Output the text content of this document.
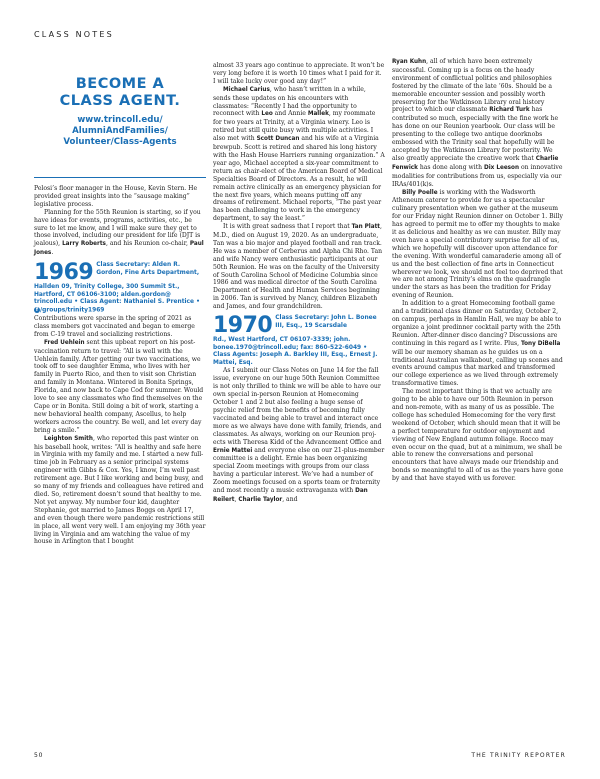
CLASS NOTES
BECOME A
CLASS AGENT.
www.trincoll.edu/
AlumniAndFamilies/
Volunteer/Class-Agents

Pelosi’s floor manager in the House, Kevin Stern. He provided great insights into the “sausage making” legislative process.

Planning for the 55th Reunion is starting, so if you have ideas for events, programs, activities, etc., be sure to let me know, and I will make sure they get to those involved, including our president for life (DJT is jealous), Larry Roberts, and his Reunion co-chair, Paul Jones.

1969 Class Secretary: Alden R. Gordon, Fine Arts Department,

Hallden 09, Trinity College, 300 Summit St., Hartford, CT 06106-3100; alden.gordon@ trincoll.edu • Class Agent: Nathaniel S. Prentice • f /groups/trinity1969

Contributions were sparse in the spring of 2021 as class members got vaccinated and began to emerge from C-19 travel and socializing restrictions.

Fred Uehlein sent this upbeat report on his post-vaccination return to travel: “All is well with the Uehlein family. After getting our two vaccinations, we took off to see daughter Emma, who lives with her family in Puerto Rico, and then to visit son Christian and family in Montana. Wintered in Bonita Springs, Florida, and now back to Cape Cod for summer. Would love to see any classmates who find themselves on the Cape or in Bonita. Still doing a bit of work, starting a new behavioral health company, Ascellus, to help workers across the country. Be well, and let every day bring a smile.”

Leighton Smith, who reported this past winter on his baseball hook, writes: “All is healthy and safe here in Virginia with my family and me. I started a new full-time job in February as a senior principal systems engineer with Gibbs & Cox. Yes, I know, I’m well past retirement age. But I like working and being busy, and so many of my friends and colleagues have retired and died. So, retirement doesn’t sound that healthy to me. Not yet anyway. My number four kid, daughter Stephanie, got married to James Boggs on April 17, and even though there were pandemic restrictions still in place, all went very well. I am enjoying my 36th year living in Virginia and am watching the value of my house in Arlington that I bought

almost 33 years ago continue to appreciate. It won’t be very long before it is worth 10 times what I paid for it. I will take lucky over good any day!”

Michael Carius, who hasn’t written in a while, sends these updates on his encounters with classmates: “Recently I had the opportunity to reconnect with Leo and Annie Mallek, my roommate for two years at Trinity, at a Virginia winery. Leo is retired but still quite busy with multiple activities. I also met with Scott Duncan and his wife at a Virginia brewpub. Scott is retired and shared his long history with the Hash House Harriers running organization.” A year ago, Michael accepted a six-year commitment to return as chair-elect of the American Board of Medical Specialties Board of Directors. As a result, he will remain active clinically as an emergency physician for the next five years, which means putting off any dreams of retirement. Michael reports, “The past year has been challenging to work in the emergency department, to say the least.”

It is with great sadness that I report that Tan Platt, M.D., died on August 19, 2020. As an undergraduate, Tan was a bio major and played football and ran track. He was a member of Cerberus and Alpha Chi Rho. Tan and wife Nancy were enthusiastic participants at our 50th Reunion. He was on the faculty of the University of South Carolina School of Medicine Columbia since 1986 and was medical director of the South Carolina Department of Health and Human Services beginning in 2006. Tan is survived by Nancy, children Elizabeth and James, and four grandchildren.

1970 Class Secretary: John L. Bonee III, Esq., 19 Scarsdale

Rd., West Hartford, CT 06107-3339; john. bonee.1970@trincoll.edu; fax: 860-522-6049 • Class Agents: Joseph A. Barkley III, Esq., Ernest J. Mattei, Esq.

As I submit our Class Notes on June 14 for the fall issue, everyone on our huge 50th Reunion Committee is not only thrilled to think we will be able to have our own special in-person Reunion at Homecoming October 1 and 2 but also feeling a huge sense of psychic relief from the benefits of becoming fully vaccinated and being able to travel and interact once more as we always have done with family, friends, and classmates. As always, working on our Reunion projects with Theresa Kidd of the Advancement Office and Ernie Mattei and everyone else on our 21-plus-member committee is a delight. Ernie has been organizing special Zoom meetings with groups from our class having a particular interest. We’ve had a number of Zoom meetings focused on a sports team or fraternity and most recently a music extravaganza with Dan Reilert, Charlie Taylor, and

Ryan Kuhn, all of which have been extremely successful. Coming up is a focus on the heady environment of conflictual politics and philosophies fostered by the climate of the late ’60s. Should be a memorable encounter session and possibly worth preserving for the Watkinson Library oral history project to which our classmate Richard Turk has contributed so much, especially with the fine work he has done on our Reunion yearbook. Our class will be presenting to the college two antique doorknobs embossed with the Trinity seal that hopefully will be accepted by the Watkinson Library for posterity. We also greatly appreciate the creative work that Charlie Fenwick has done along with Dix Leeson on innovative modalities for contributions from us, especially via our IRAs/401(k)s.

Billy Poelle is working with the Wadsworth Atheneum caterer to provide for us a spectacular culinary presentation when we gather at the museum for our Friday night Reunion dinner on October 1. Billy has agreed to permit me to offer my thoughts to make it as delicious and healthy as we can muster. Billy may even have a special contributory surprise for all of us, which we hopefully will discover upon attendance for the evening. With wonderful camaraderie among all of us and the best collection of fine arts in Connecticut wherever we look, we should not feel too deprived that we are not among Trinity’s elms on the quadrangle under the stars as has been the tradition for Friday evening of Reunion.

In addition to a great Homecoming football game and a traditional class dinner on Saturday, October 2, on campus, perhaps in Hamlin Hall, we may be able to organize a joint predinner cocktail party with the 25th Reunion. After-dinner disco dancing? Discussions are continuing in this regard as I write. Plus, Tony DiBella will be our memory shaman as he guides us on a traditional Australian walkabout, calling up scenes and events around campus that marked and transformed our college experience as we lived through extremely transformative times.

The most important thing is that we actually are going to be able to have our 50th Reunion in person and non-remote, with as many of us as possible. The college has scheduled Homecoming for the very first weekend of October, which should mean that it will be a perfect temperature for outdoor enjoyment and viewing of New England autumn foliage. Rocco may even occur on the quad, but at a minimum, we shall be able to renew the conversations and personal encounters that have always made our friendship and bonds so meaningful to all of us as the years have gone by and that have stayed with us forever.

50	THE TRINITY REPORTER
